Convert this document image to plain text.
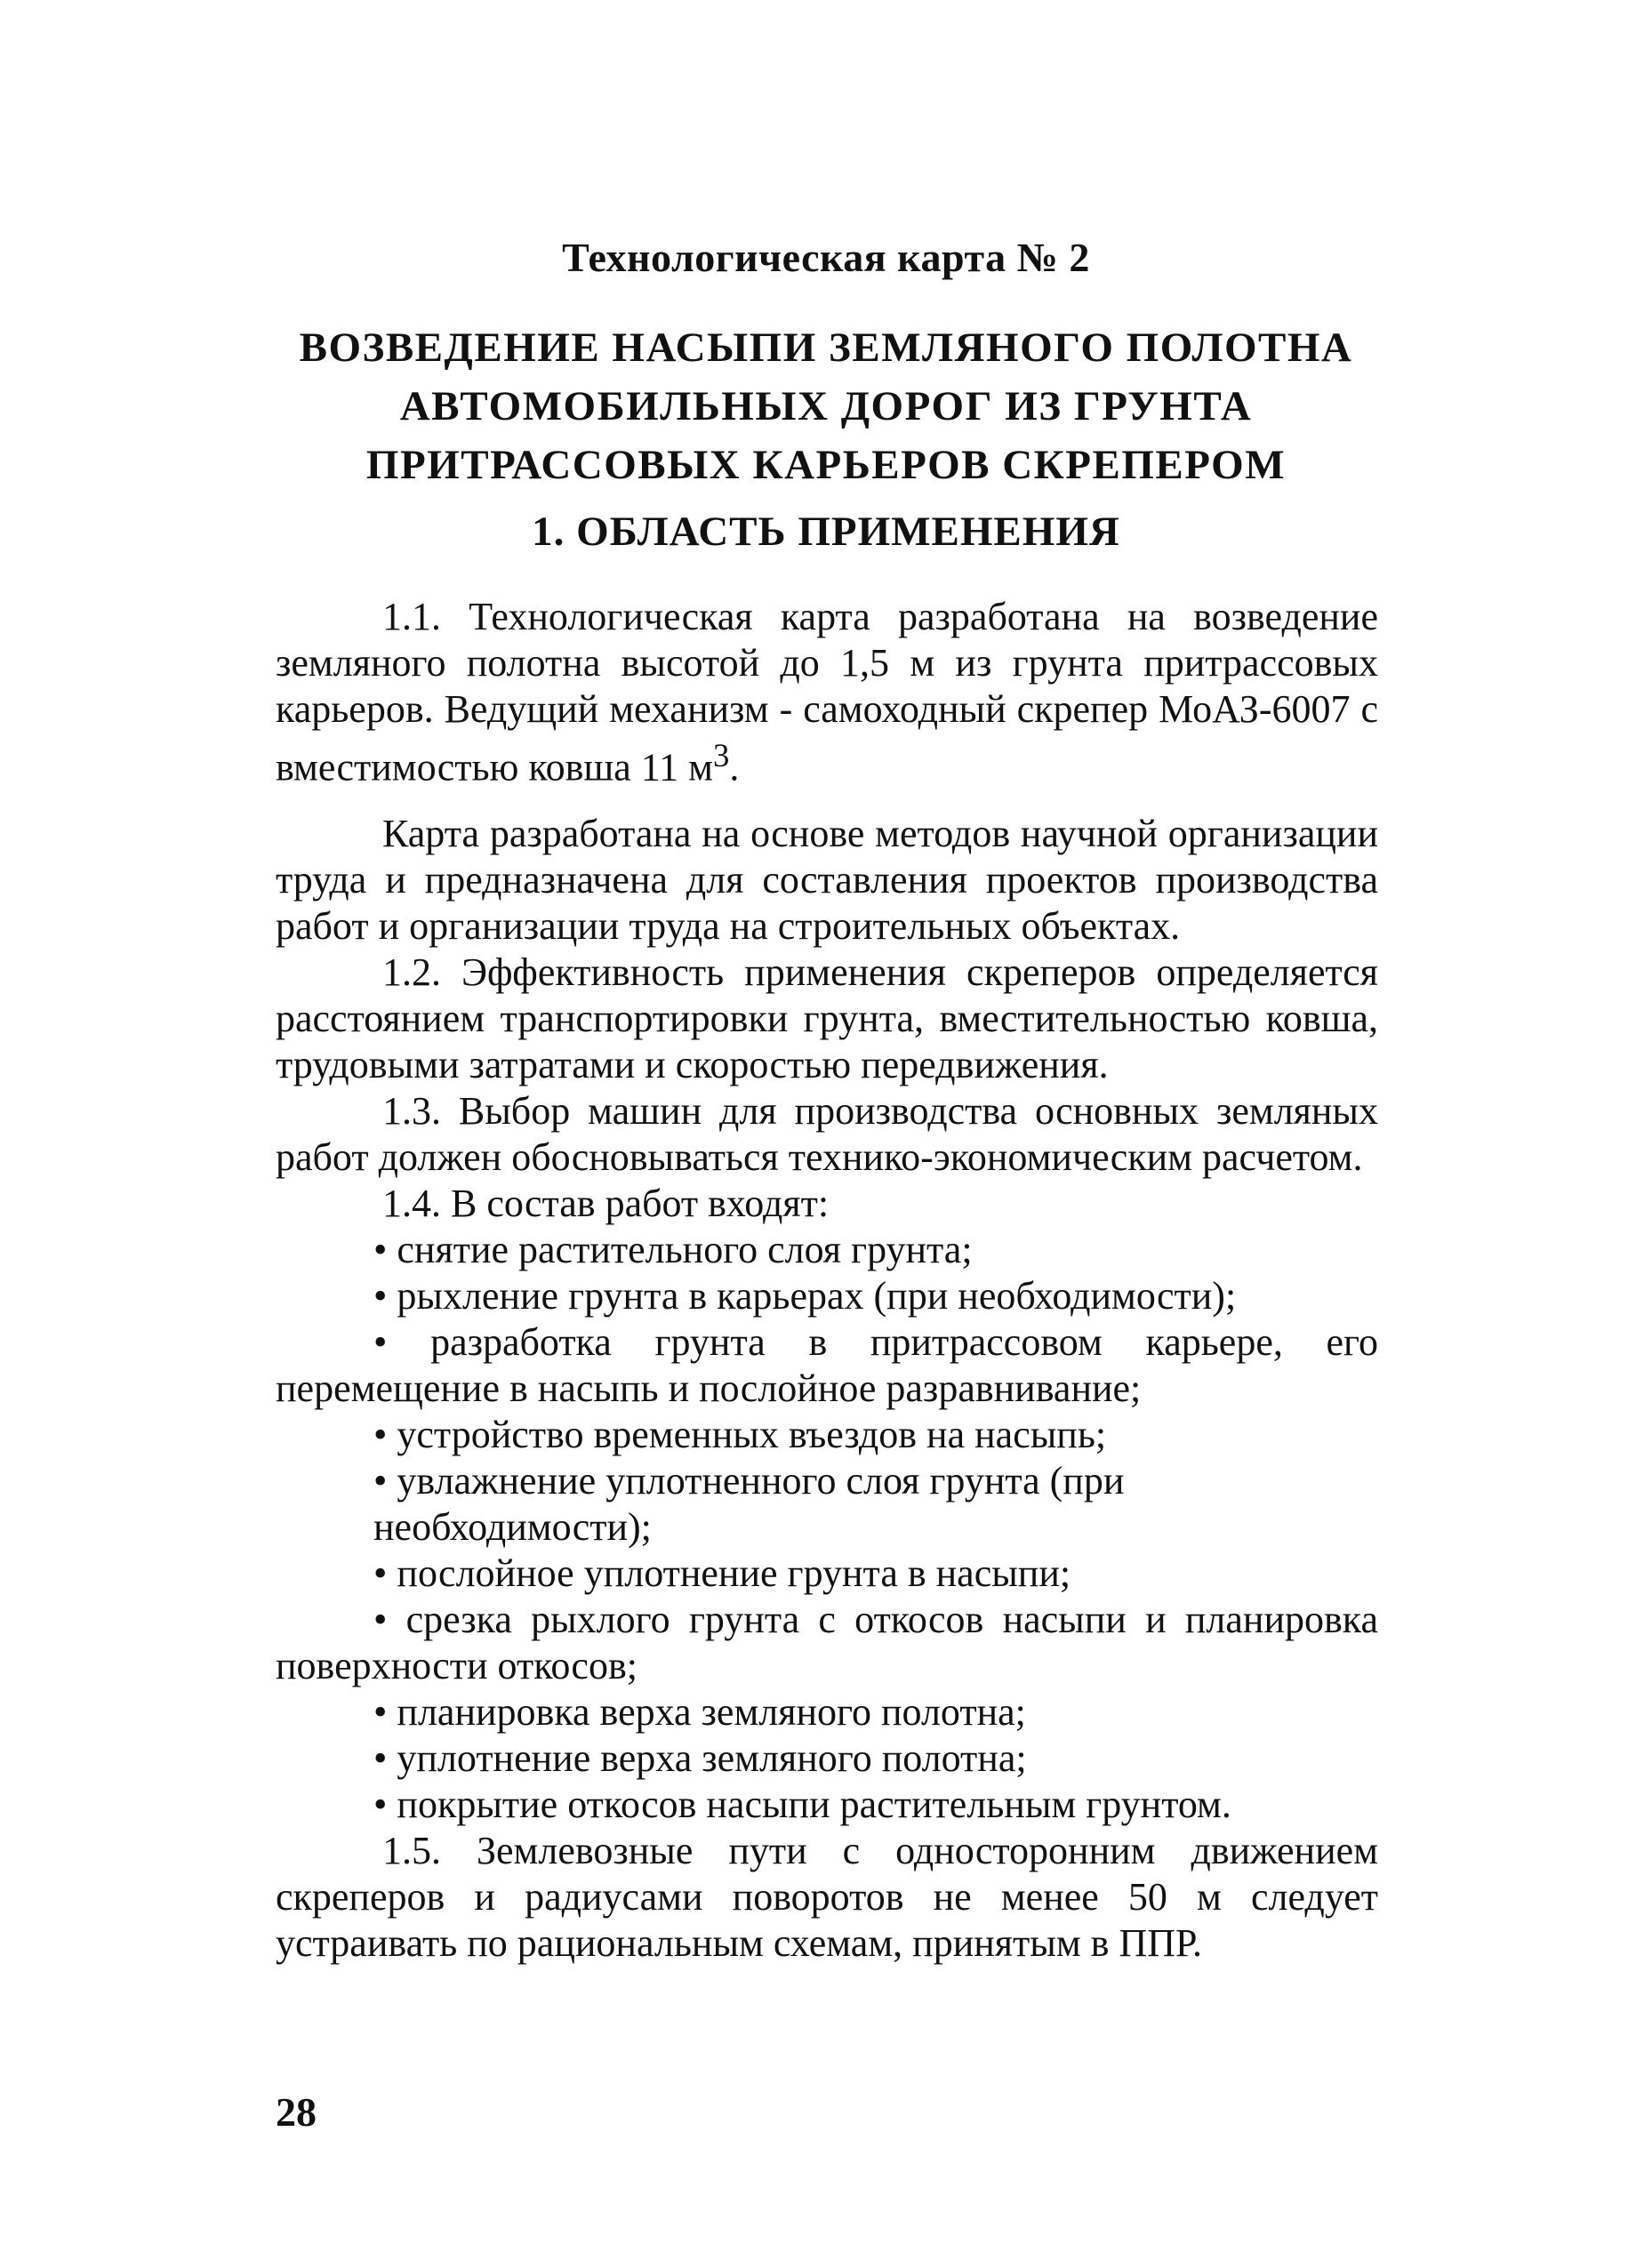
Технологическая карта № 2
ВОЗВЕДЕНИЕ НАСЫПИ ЗЕМЛЯНОГО ПОЛОТНА
АВТОМОБИЛЬНЫХ ДОРОГ ИЗ ГРУНТА
ПРИТРАССОВЫХ КАРЬЕРОВ СКРЕПЕРОМ
1. ОБЛАСТЬ ПРИМЕНЕНИЯ

1.1. Технологическая карта разработана на возведение земляного полотна высотой до 1,5 м из грунта притрассовых карьеров. Ведущий механизм - самоходный скрепер МоАЗ-6007 с вместимостью ковша 11 $м^3$.

Карта разработана на основе методов научной организации труда и предназначена для составления проектов производства работ и организации труда на строительных объектах.

1.2. Эффективность применения скреперов определяется расстоянием транспортировки грунта, вместительностью ковша, трудовыми затратами и скоростью передвижения.

1.3. Выбор машин для производства основных земляных работ должен обосновываться технико-экономическим расчетом.

1.4. В состав работ входят:

• снятие растительного слоя грунта;

• рыхление грунта в карьерах (при необходимости);

• разработка грунта в притрассовом карьере, его перемещение в насыпь и послойное разравнивание;

• устройство временных въездов на насыпь;

• увлажнение уплотненного слоя грунта (при необходимости);

• послойное уплотнение грунта в насыпи;

• срезка рыхлого грунта с откосов насыпи и планировка поверхности откосов;

• планировка верха земляного полотна;

• уплотнение верха земляного полотна;

• покрытие откосов насыпи растительным грунтом.

1.5. Землевозные пути с односторонним движением скреперов и радиусами поворотов не менее 50 м следует устраивать по рациональным схемам, принятым в ППР.

28
